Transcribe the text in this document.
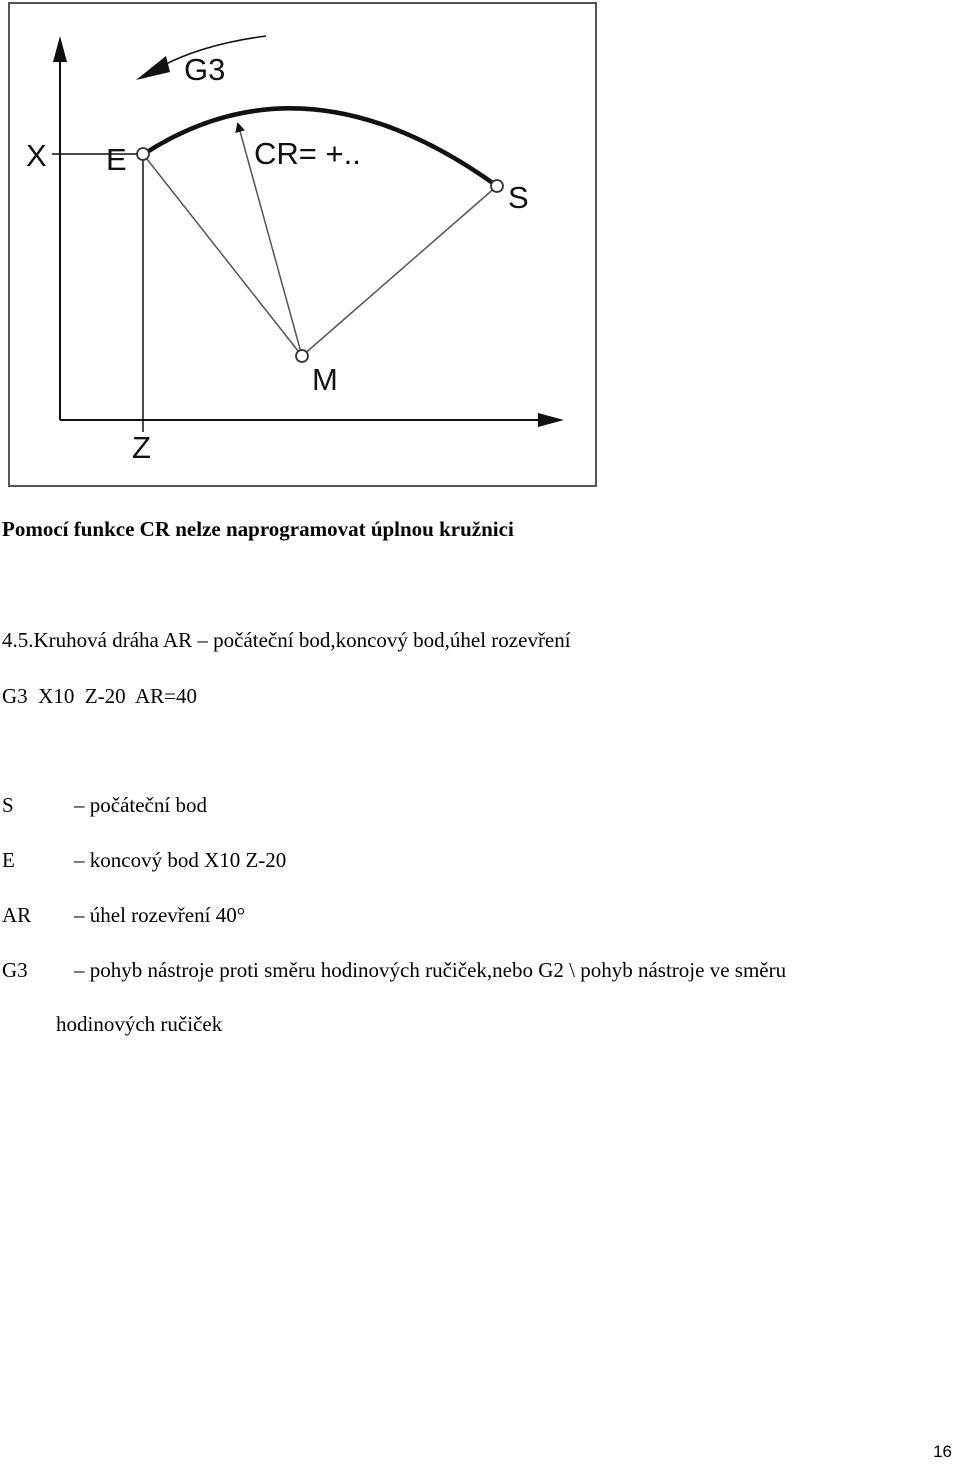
X
Z
E
S
M
G3
CR= +..
Pomocí funkce CR nelze naprogramovat úplnou kružnici
4.5.Kruhová dráha AR – počáteční bod,koncový bod,úhel rozevření
G3  X10  Z-20  AR=40
S	– počáteční bod
E	– koncový bod X10 Z-20
AR – úhel rozevření 40°
G3 – pohyb nástroje proti směru hodinových ručiček,nebo G2 \ pohyb nástroje ve směru
hodinových ručiček
16
